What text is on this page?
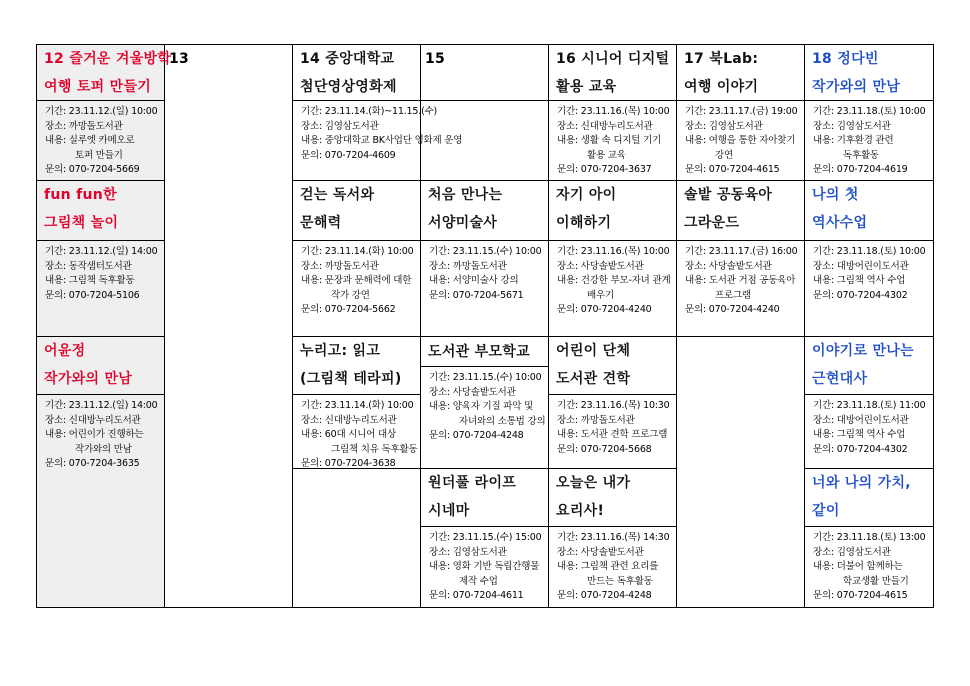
13	15
12 즐거운 겨울방학
여행 토퍼 만들기
기간: 23.11.12.(일) 10:00
장소: 까망돌도서관
내용: 실루엣 카메오로
토퍼 만들기
문의: 070-7204-5669
fun fun한
그림책 놀이
기간: 23.11.12.(일) 14:00
장소: 동작샘터도서관
내용: 그림책 독후활동
문의: 070-7204-5106
어윤정
작가와의 만남
기간: 23.11.12.(일) 14:00
장소: 신대방누리도서관
내용: 어린이가 진행하는
작가와의 만남
문의: 070-7204-3635
14 중앙대학교
첨단영상영화제
기간: 23.11.14.(화)~11.15.(수)
장소: 김영삼도서관
내용: 중앙대학교 BK사업단 영화제 운영
문의: 070-7204-4609
걷는 독서와
문해력
기간: 23.11.14.(화) 10:00
장소: 까망돌도서관
내용: 문장과 문해력에 대한
작가 강연
문의: 070-7204-5662
누리고: 읽고
(그림책 테라피)
기간: 23.11.14.(화) 10:00
장소: 신대방누리도서관
내용: 60대 시니어 대상
그림책 치유 독후활동
문의: 070-7204-3638
처음 만나는
서양미술사
기간: 23.11.15.(수) 10:00
장소: 까망돌도서관
내용: 서양미술사 강의
문의: 070-7204-5671
도서관 부모학교
기간: 23.11.15.(수) 10:00
장소: 사당솔밭도서관
내용: 양육자 기질 파악 및
자녀와의 소통법 강의
문의: 070-7204-4248
원더풀 라이프
시네마
기간: 23.11.15.(수) 15:00
장소: 김영삼도서관
내용: 영화 기반 독립간행물
제작 수업
문의: 070-7204-4611
16 시니어 디지털
활용 교육
기간: 23.11.16.(목) 10:00
장소: 신대방누리도서관
내용: 생활 속 디지털 기기
활용 교육
문의: 070-7204-3637
자기 아이
이해하기
기간: 23.11.16.(목) 10:00
장소: 사당솔밭도서관
내용: 건강한 부모-자녀 관계
배우기
문의: 070-7204-4240
어린이 단체
도서관 견학
기간: 23.11.16.(목) 10:30
장소: 까망돌도서관
내용: 도서관 견학 프로그램
문의: 070-7204-5668
오늘은 내가
요리사!
기간: 23.11.16.(목) 14:30
장소: 사당솔밭도서관
내용: 그림책 관련 요리를
만드는 독후활동
문의: 070-7204-4248
17 북Lab:
여행 이야기
기간: 23.11.17.(금) 19:00
장소: 김영삼도서관
내용: 여행을 통한 자아찾기
강연
문의: 070-7204-4615
솔밭 공동육아
그라운드
기간: 23.11.17.(금) 16:00
장소: 사당솔밭도서관
내용: 도서관 거점 공동육아
프로그램
문의: 070-7204-4240
18 정다빈
작가와의 만남
기간: 23.11.18.(토) 10:00
장소: 김영삼도서관
내용: 기후환경 관련
독후활동
문의: 070-7204-4619
나의 첫
역사수업
기간: 23.11.18.(토) 10:00
장소: 대방어린이도서관
내용: 그림책 역사 수업
문의: 070-7204-4302
이야기로 만나는
근현대사
기간: 23.11.18.(토) 11:00
장소: 대방어린이도서관
내용: 그림책 역사 수업
문의: 070-7204-4302
너와 나의 가치,
같이
기간: 23.11.18.(토) 13:00
장소: 김영삼도서관
내용: 더불어 함께하는
학교생활 만들기
문의: 070-7204-4615
